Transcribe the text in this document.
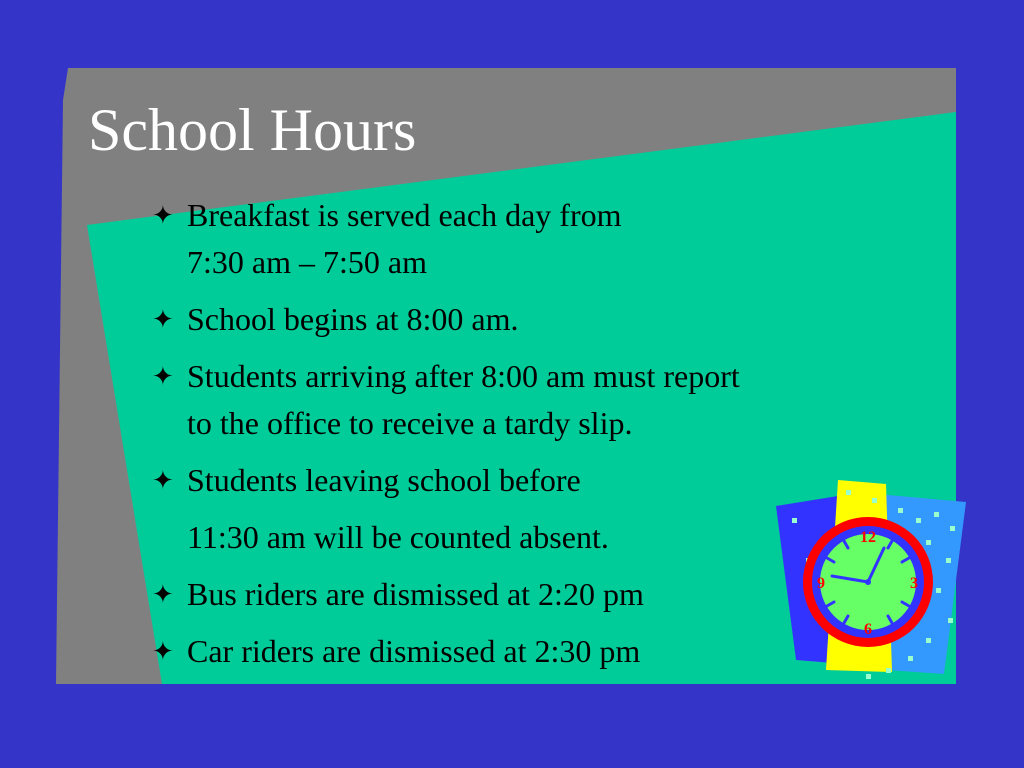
School Hours
✦ Breakfast is served each day from
7:30 am – 7:50 am
✦ School begins at 8:00 am.
✦ Students arriving after 8:00 am must report
to the office to receive a tardy slip.
✦ Students leaving school before
11:30 am will be counted absent.
✦ Bus riders are dismissed at 2:20 pm
✦ Car riders are dismissed at 2:30 pm
12
3
6
9
